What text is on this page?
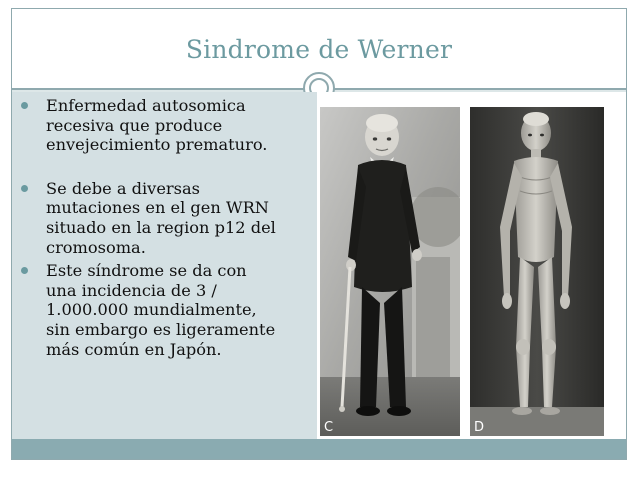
Sindrome de Werner
Enfermedad autosomica
recesiva que produce
envejecimiento prematuro.
Se debe a diversas
mutaciones en el gen WRN
situado en la region p12 del
cromosoma.
Este síndrome se da con
una incidencia de 3 /
1.000.000 mundialmente,
sin embargo es ligeramente
más común en Japón.
C	D
